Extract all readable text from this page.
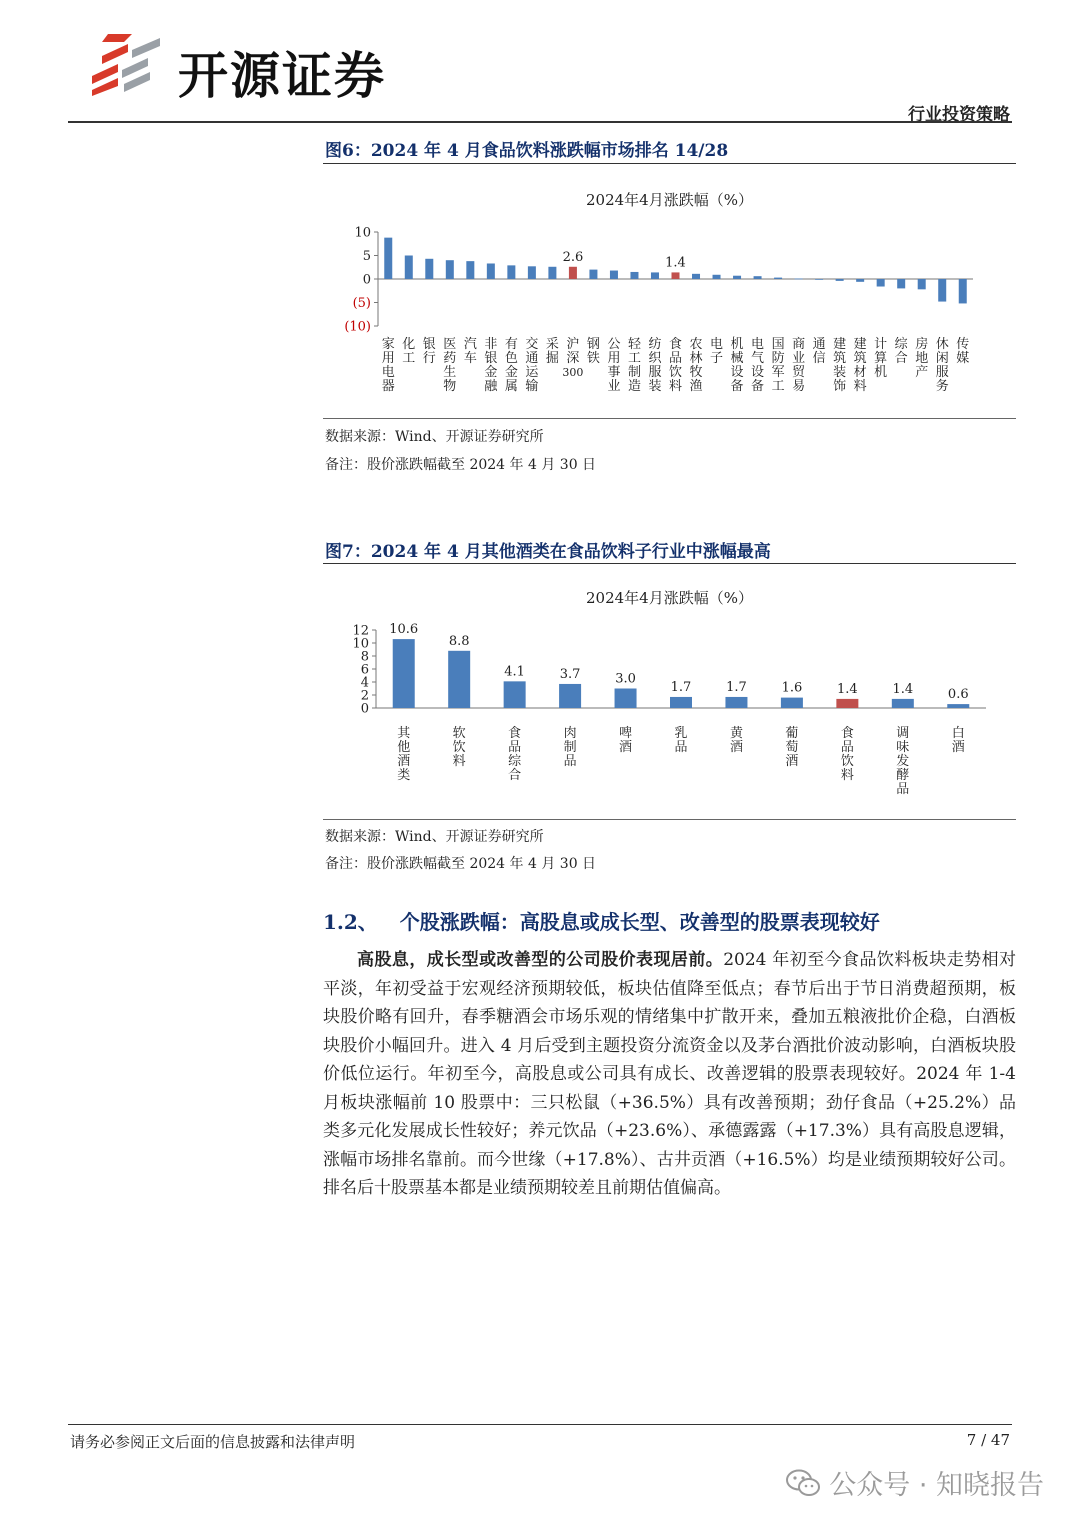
开源证券
行业投资策略
图6：2024 年 4 月食品饮料涨跌幅市场排名 14/28
2024年4月涨跌幅（%）
10
5
0
(5)
(10)
家用电器
化工
银行
医药生物
汽车
非银金融
有色金属
交通运输
采掘
2.6
沪深 300
钢铁
公用事业
轻工制造
纺织服装
1.4
食品饮料
农林牧渔
电子
机械设备
电气设备
国防军工
商业贸易
通信
建筑装饰
建筑材料
计算机
综合
房地产
休闲服务
传媒
数据来源：Wind、开源证券研究所
备注：股价涨跌幅截至 2024 年 4 月 30 日
图7：2024 年 4 月其他酒类在食品饮料子行业中涨幅最高
2024年4月涨跌幅（%）
12
10
8
6
4
2
0
10.6
其他酒类
8.8
软饮料
4.1
食品综合
3.7
肉制品
3.0
啤酒
1.7
乳品
1.7
黄酒
1.6
葡萄酒
1.4
食品饮料
1.4
调味发酵品
0.6
白酒
数据来源：Wind、开源证券研究所
备注：股价涨跌幅截至 2024 年 4 月 30 日
1.2、 个股涨跌幅：高股息或成长型、改善型的股票表现较好
高股息，成长型或改善型的公司股价表现居前。2024 年初至今食品饮料板块走势相对平淡，年初受益于宏观经济预期较低，板块估值降至低点；春节后出于节日消费超预期，板块股价略有回升，春季糖酒会市场乐观的情绪集中扩散开来，叠加五粮液批价企稳，白酒板块股价小幅回升。进入 4 月后受到主题投资分流资金以及茅台酒批价波动影响，白酒板块股价低位运行。年初至今，高股息或公司具有成长、改善逻辑的股票表现较好。2024 年 1-4 月板块涨幅前 10 股票中：三只松鼠（+36.5%）具有改善预期；劲仔食品（+25.2%）品类多元化发展成长性较好；养元饮品（+23.6%）、承德露露（+17.3%）具有高股息逻辑，涨幅市场排名靠前。而今世缘（+17.8%）、古井贡酒（+16.5%）均是业绩预期较好公司。排名后十股票基本都是业绩预期较差且前期估值偏高。
请务必参阅正文后面的信息披露和法律声明	7 / 47
公众号 · 知晓报告
